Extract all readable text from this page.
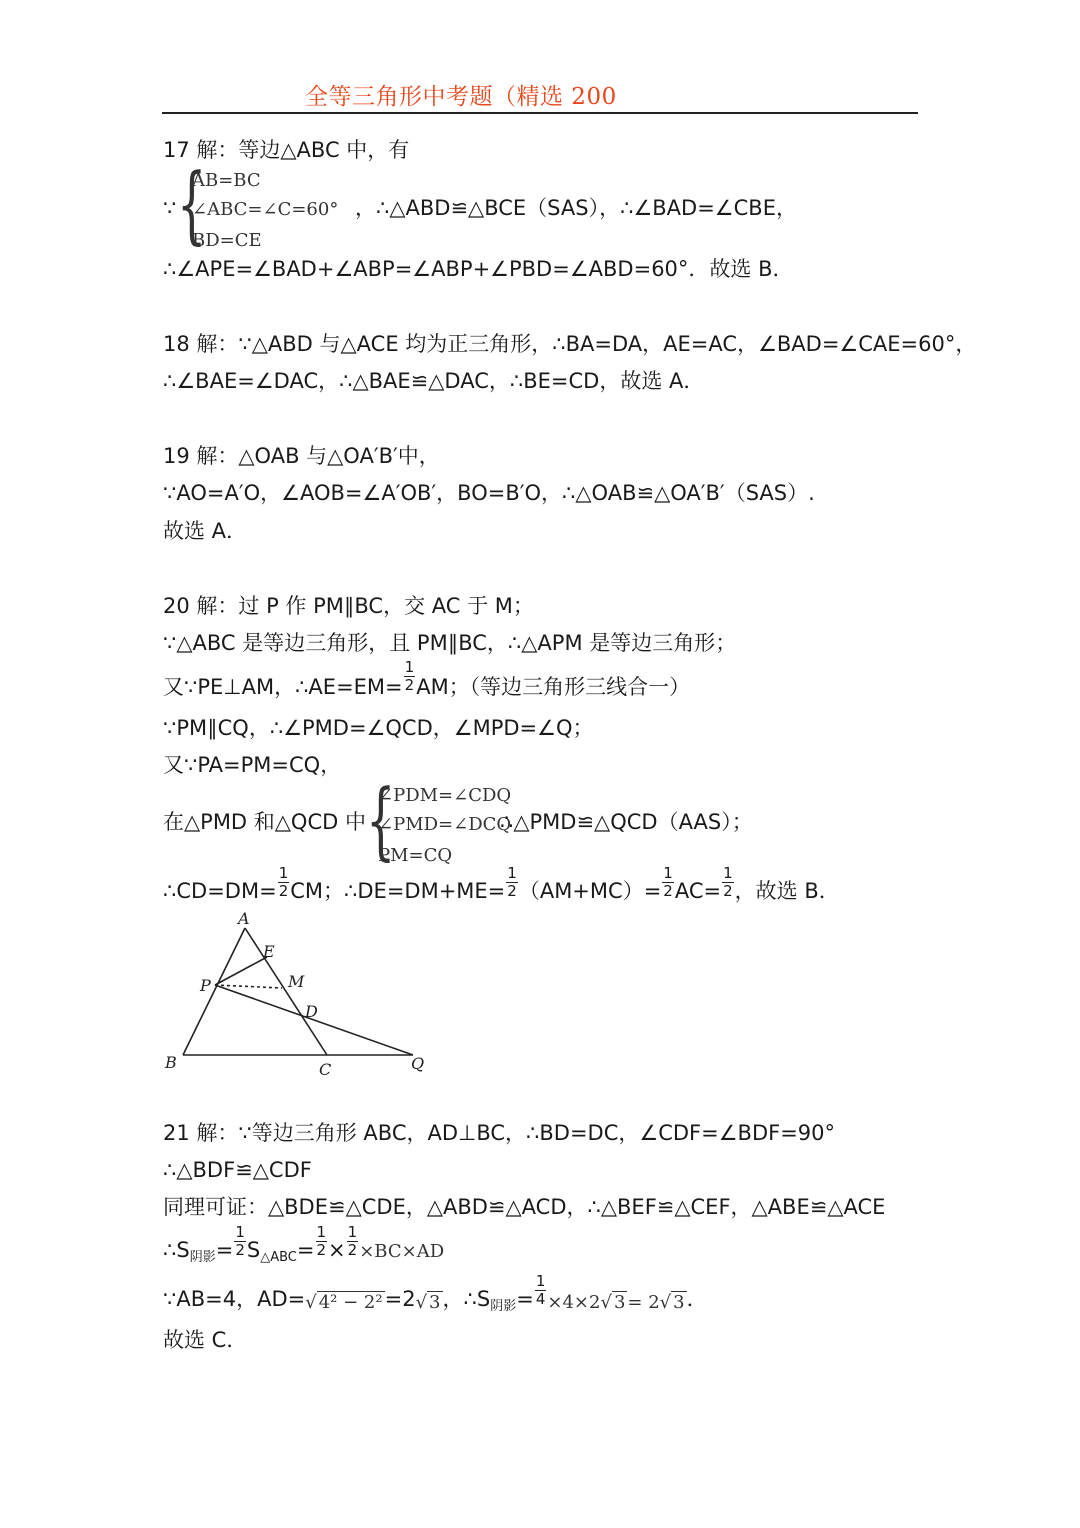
全等三角形中考题（精选 200
17 解：等边△ABC 中，有
∵ {
AB=BC
∠ABC=∠C=60°
BD=CE
，∴△ABD≌△BCE（SAS），∴∠BAD=∠CBE，
∴∠APE=∠BAD+∠ABP=∠ABP+∠PBD=∠ABD=60°．故选 B．
18 解：∵△ABD 与△ACE 均为正三角形，∴BA=DA，AE=AC，∠BAD=∠CAE=60°，
∴∠BAE=∠DAC，∴△BAE≌△DAC，∴BE=CD，故选 A．
19 解：△OAB 与△OA′B′中，
∵AO=A′O，∠AOB=∠A′OB′，BO=B′O，∴△OAB≌△OA′B′（SAS）.
故选 A．
20 解：过 P 作 PM∥BC，交 AC 于 M；
∵△ABC 是等边三角形，且 PM∥BC，∴△APM 是等边三角形；
又∵PE⊥AM，∴AE=EM= $\frac{1}{2}$ AM；（等边三角形三线合一）
∵PM∥CQ，∴∠PMD=∠QCD，∠MPD=∠Q；
又∵PA=PM=CQ，
在△PMD 和△QCD 中 {
∠PDM=∠CDQ
∠PMD=∠DCQ
PM=CQ
∴△PMD≌△QCD（AAS）；
∴CD=DM= $\frac{1}{2}$ CM；∴DE=DM+ME= $\frac{1}{2} (AM+MC)= \frac{1}{2} AC= \frac{1}{2}$ ，故选 B．
A
E
M
P
D
B	C	Q
21 解：∵等边三角形 ABC，AD⊥BC，∴BD=DC，∠CDF=∠BDF=90°
∴△BDF≌△CDF
同理可证：△BDE≌△CDE，△ABD≌△ACD，∴△BEF≌△CEF，△ABE≌△ACE
$\therefore S_{阴影}= \frac{1}{2} S_{\triangle ABC}= \frac{1}{2} \times \frac{1}{2} \times BC\times AD$
∵AB=4，AD=√ 4² − 2²=2√ 3，$\therefore S_{阴影}= \frac{1}{4} \times 4\times 2√$ 3 = 2√ 3．
故选 C．
